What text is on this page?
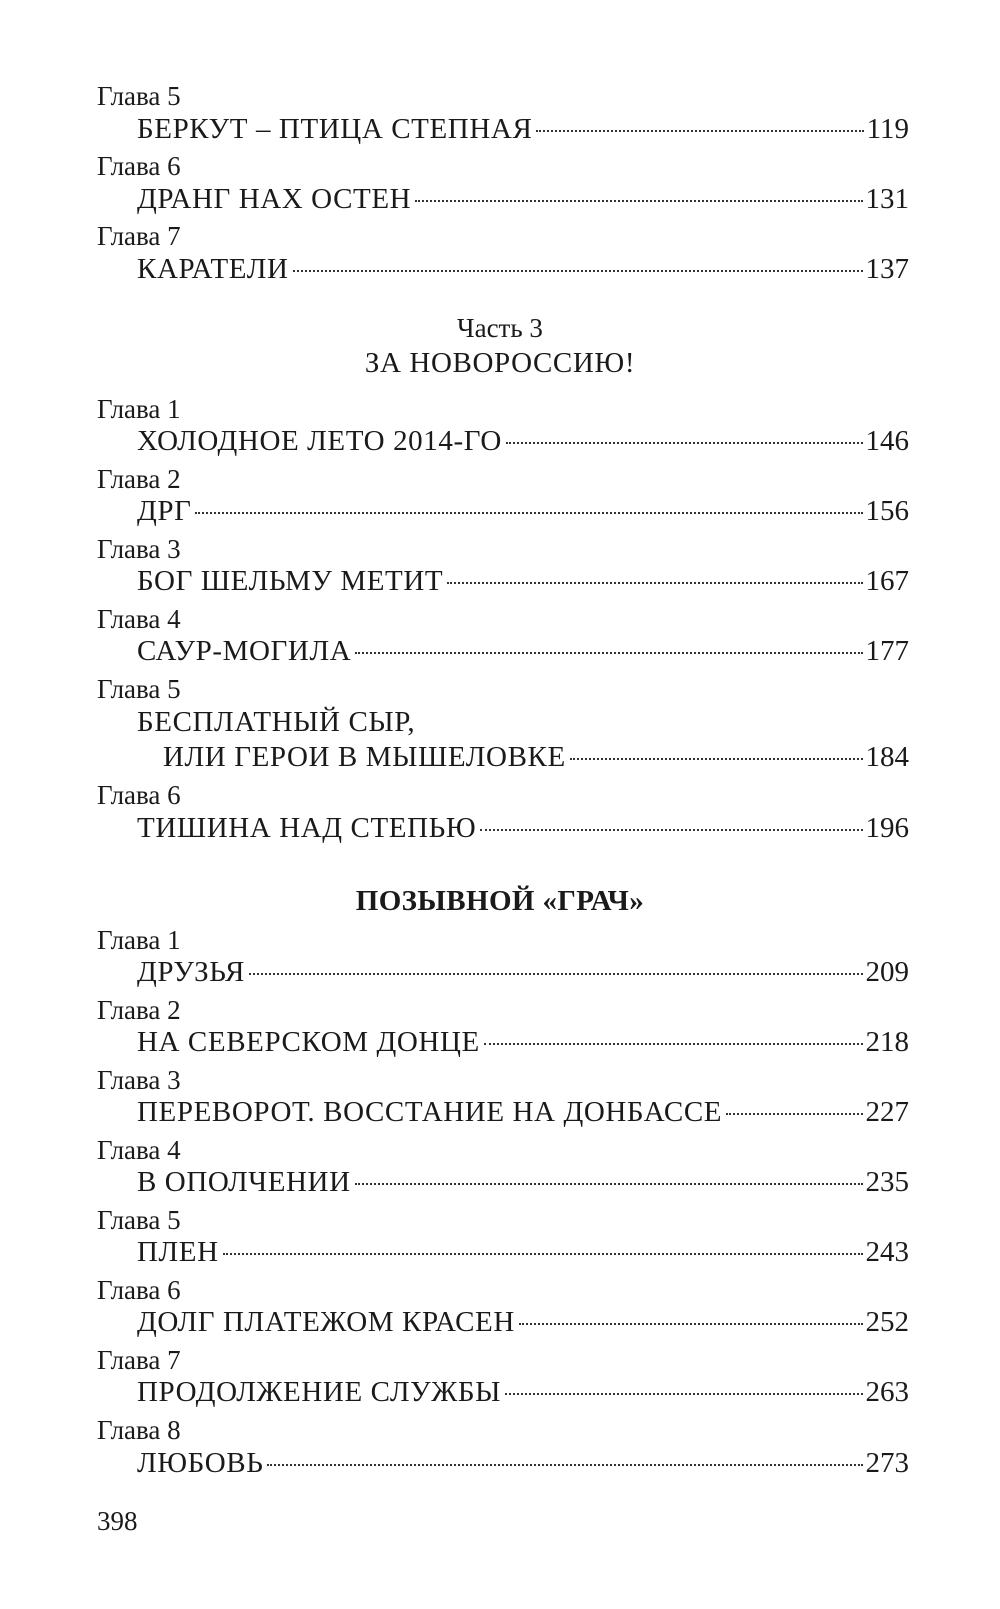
Глава 5
БЕРКУТ – ПТИЦА СТЕПНАЯ	119
Глава 6
ДРАНГ НАХ ОСТЕН	131
Глава 7
КАРАТЕЛИ	137
Часть 3
ЗА НОВОРОССИЮ!
Глава 1
ХОЛОДНОЕ ЛЕТО 2014-ГО	146
Глава 2
ДРГ	156
Глава 3
БОГ ШЕЛЬМУ МЕТИТ	167
Глава 4
САУР-МОГИЛА	177
Глава 5
БЕСПЛАТНЫЙ СЫР,
ИЛИ ГЕРОИ В МЫШЕЛОВКЕ	184
Глава 6
ТИШИНА НАД СТЕПЬЮ	196
ПОЗЫВНОЙ «ГРАЧ»
Глава 1
ДРУЗЬЯ	209
Глава 2
НА СЕВЕРСКОМ ДОНЦЕ	218
Глава 3
ПЕРЕВОРОТ. ВОССТАНИЕ НА ДОНБАССЕ	227
Глава 4
В ОПОЛЧЕНИИ	235
Глава 5
ПЛЕН	243
Глава 6
ДОЛГ ПЛАТЕЖОМ КРАСЕН	252
Глава 7
ПРОДОЛЖЕНИЕ СЛУЖБЫ	263
Глава 8
ЛЮБОВЬ	273
398
